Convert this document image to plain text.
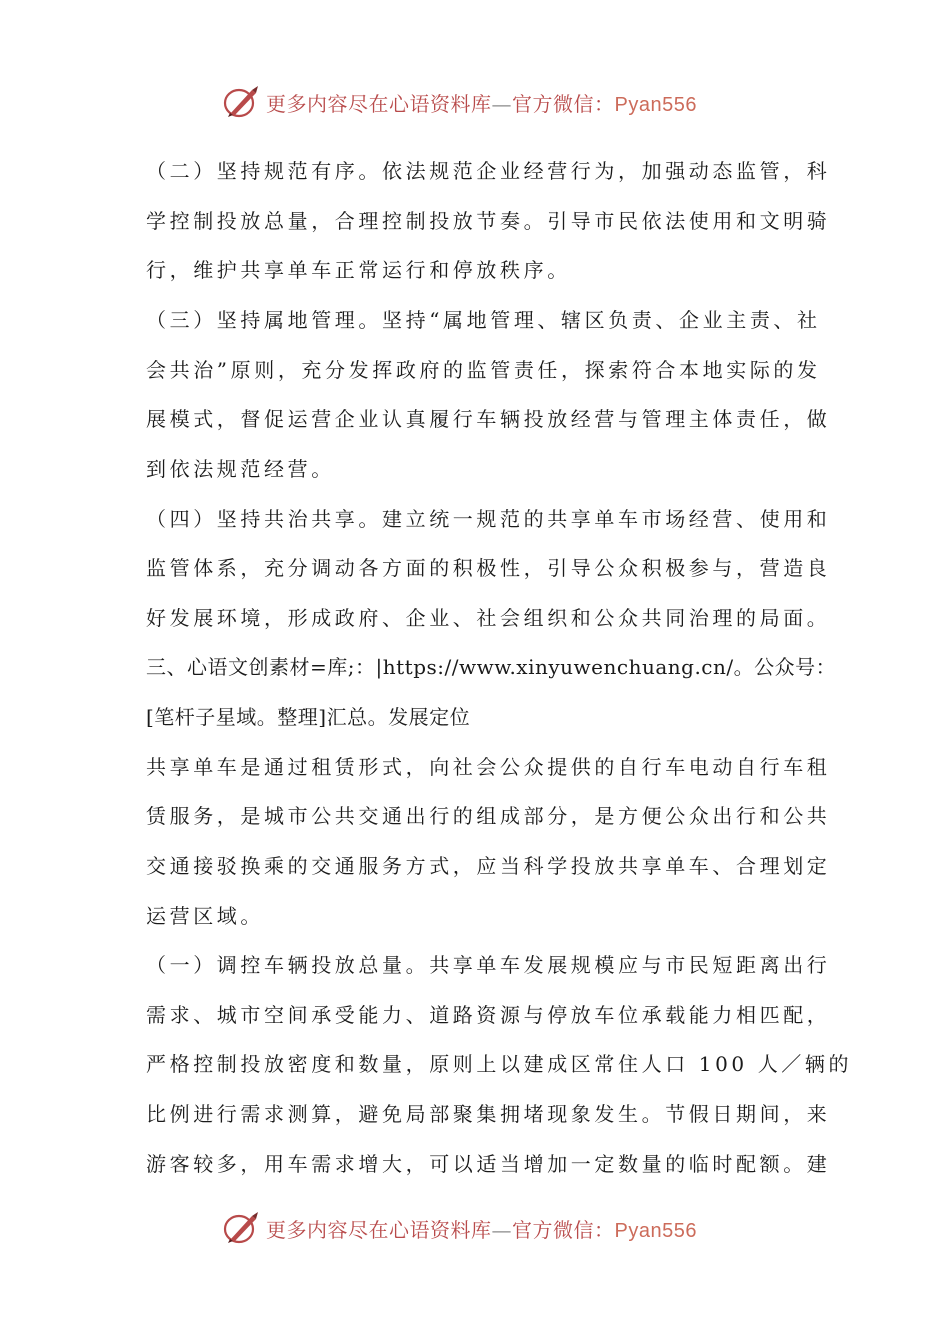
更多内容尽在心语资料库—官方微信：Pyan556
（二）坚持规范有序。依法规范企业经营行为，加强动态监管，科
学控制投放总量，合理控制投放节奏。引导市民依法使用和文明骑
行，维护共享单车正常运行和停放秩序。
（三）坚持属地管理。坚持“属地管理、辖区负责、企业主责、社
会共治”原则，充分发挥政府的监管责任，探索符合本地实际的发
展模式，督促运营企业认真履行车辆投放经营与管理主体责任，做
到依法规范经营。
（四）坚持共治共享。建立统一规范的共享单车市场经营、使用和
监管体系，充分调动各方面的积极性，引导公众积极参与，营造良
好发展环境，形成政府、企业、社会组织和公众共同治理的局面。
三、心语文创素材=库;：|https://www.xinyuwenchuang.cn/。公众号：
[笔杆子星域。整理]汇总。发展定位
共享单车是通过租赁形式，向社会公众提供的自行车电动自行车租
赁服务，是城市公共交通出行的组成部分，是方便公众出行和公共
交通接驳换乘的交通服务方式，应当科学投放共享单车、合理划定
运营区域。
（一）调控车辆投放总量。共享单车发展规模应与市民短距离出行
需求、城市空间承受能力、道路资源与停放车位承载能力相匹配，
严格控制投放密度和数量，原则上以建成区常住人口 100 人／辆的
比例进行需求测算，避免局部聚集拥堵现象发生。节假日期间，来
游客较多，用车需求增大，可以适当增加一定数量的临时配额。建
更多内容尽在心语资料库—官方微信：Pyan556
